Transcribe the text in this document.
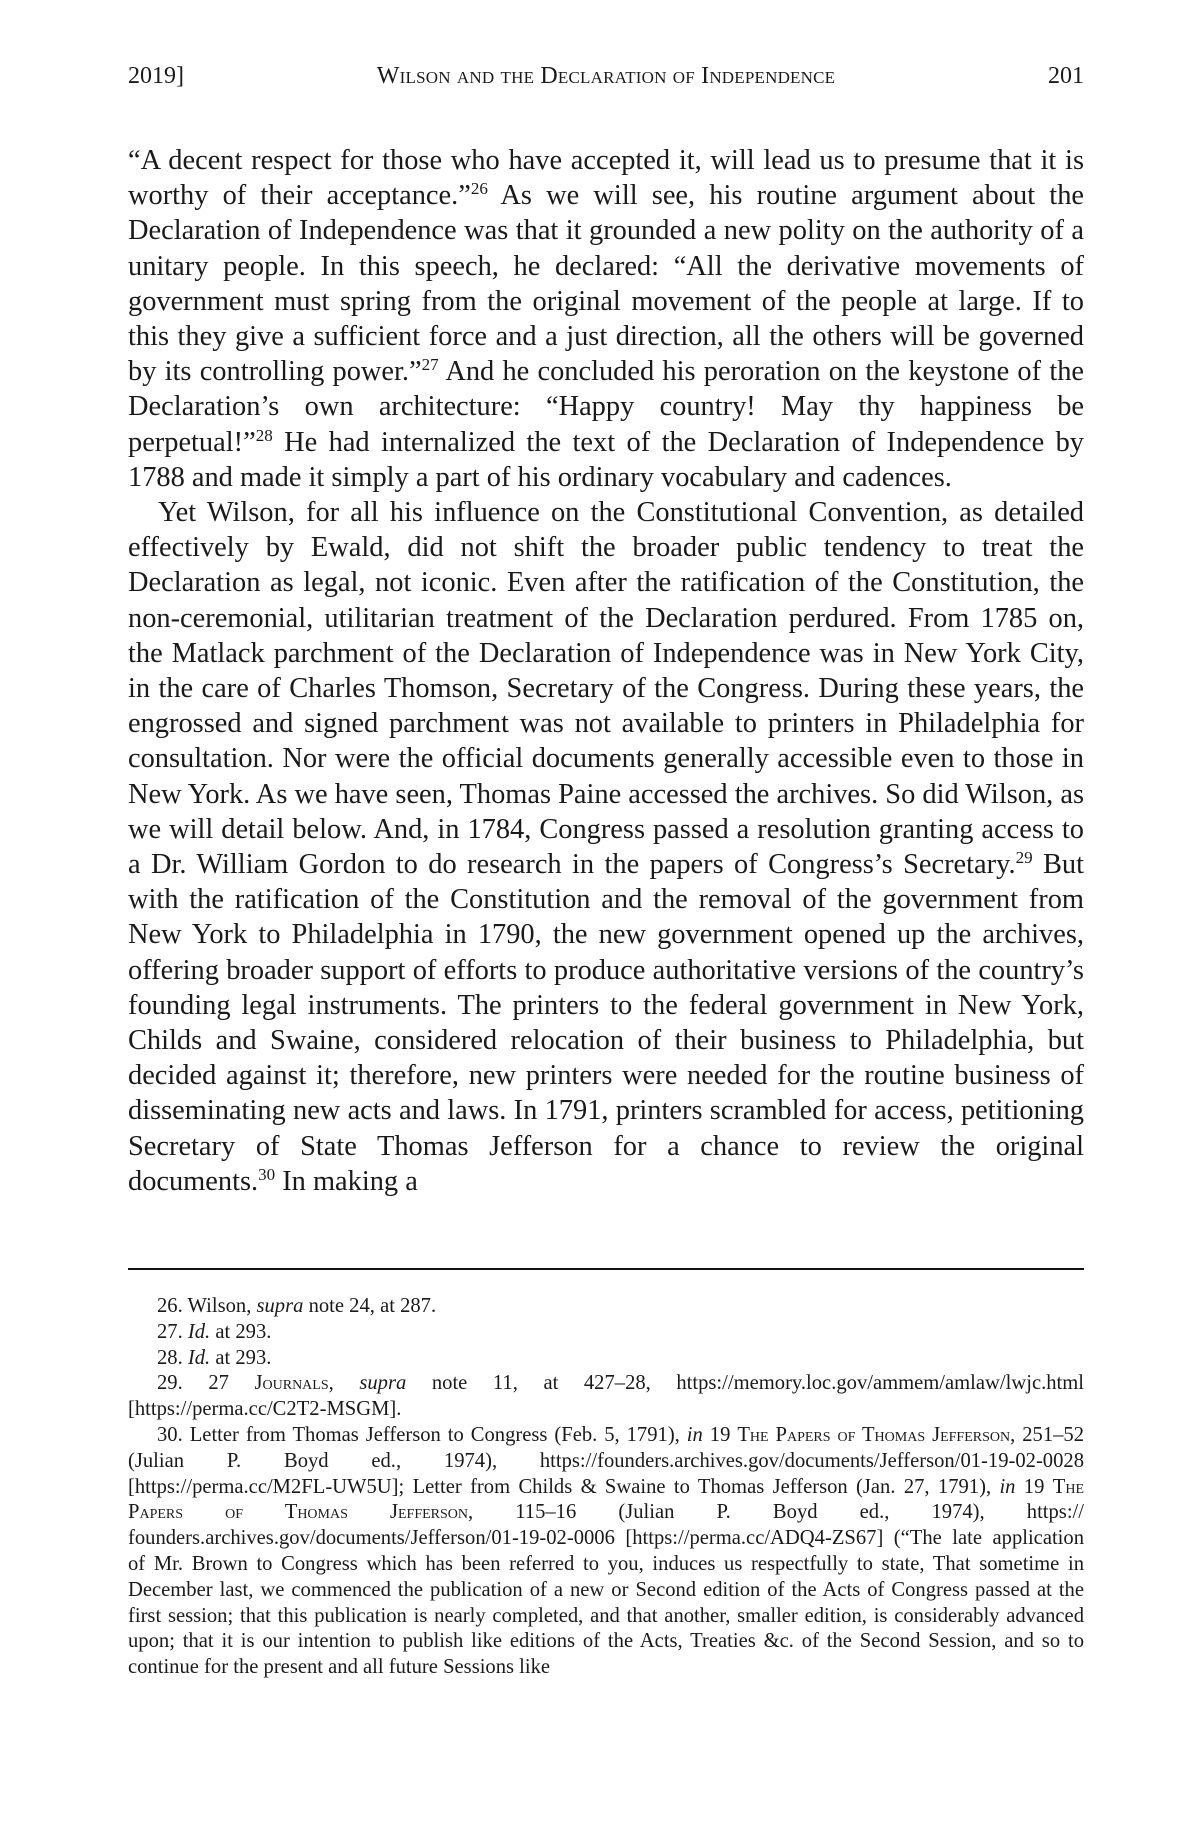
2019]	Wilson and the Declaration of Independence	201

“A decent respect for those who have accepted it, will lead us to presume that it is worthy of their acceptance.”$^{26}$ As we will see, his routine argument about the Declaration of Independence was that it grounded a new polity on the authority of a unitary people. In this speech, he declared: “All the derivative movements of government must spring from the original movement of the people at large. If to this they give a sufficient force and a just direction, all the others will be governed by its controlling power.”$^{27}$ And he concluded his peroration on the keystone of the Declaration’s own architecture: “Happy country! May thy happiness be perpetual!”$^{28}$ He had internalized the text of the Declaration of Independence by 1788 and made it simply a part of his ordinary vocabulary and cadences.

Yet Wilson, for all his influence on the Constitutional Convention, as detailed effectively by Ewald, did not shift the broader public tendency to treat the Declaration as legal, not iconic. Even after the ratification of the Constitution, the non-ceremonial, utilitarian treatment of the Declaration perdured. From 1785 on, the Matlack parchment of the Declaration of Independence was in New York City, in the care of Charles Thomson, Secretary of the Congress. During these years, the engrossed and signed parchment was not available to printers in Philadelphia for consultation. Nor were the official documents generally accessible even to those in New York. As we have seen, Thomas Paine accessed the archives. So did Wilson, as we will detail below. And, in 1784, Congress passed a resolution granting access to a Dr. William Gordon to do research in the papers of Congress’s Secretary.$^{29}$ But with the ratification of the Constitution and the removal of the government from New York to Philadelphia in 1790, the new government opened up the archives, offering broader support of efforts to produce authoritative versions of the country’s founding legal instruments. The printers to the federal government in New York, Childs and Swaine, considered relocation of their business to Philadelphia, but decided against it; therefore, new printers were needed for the routine business of disseminating new acts and laws. In 1791, printers scrambled for access, petitioning Secretary of State Thomas Jefferson for a chance to review the original documents.$^{30}$ In making a

26. Wilson, supra note 24, at 287.

27. Id. at 293.

28. Id. at 293.

29. 27 Journals, supra note 11, at 427–28, https://memory.loc.gov/ammem/amlaw/lwjc.html [https://perma.cc/C2T2-MSGM].

30. Letter from Thomas Jefferson to Congress (Feb. 5, 1791), in 19 The Papers of Thomas Jefferson, 251–52 (Julian P. Boyd ed., 1974), https://founders.archives.gov/documents/Jefferson/01-19-02-0028 [https://perma.cc/M2FL-UW5U]; Letter from Childs & Swaine to Thomas Jefferson (Jan. 27, 1791), in 19 The Papers of Thomas Jefferson, 115–16 (Julian P. Boyd ed., 1974), https:// founders.archives.gov/documents/Jefferson/01-19-02-0006 [https://perma.cc/ADQ4-ZS67] (“The late application of Mr. Brown to Congress which has been referred to you, induces us respectfully to state, That sometime in December last, we commenced the publication of a new or Second edition of the Acts of Congress passed at the first session; that this publication is nearly completed, and that another, smaller edition, is considerably advanced upon; that it is our intention to publish like editions of the Acts, Treaties &c. of the Second Session, and so to continue for the present and all future Sessions like
